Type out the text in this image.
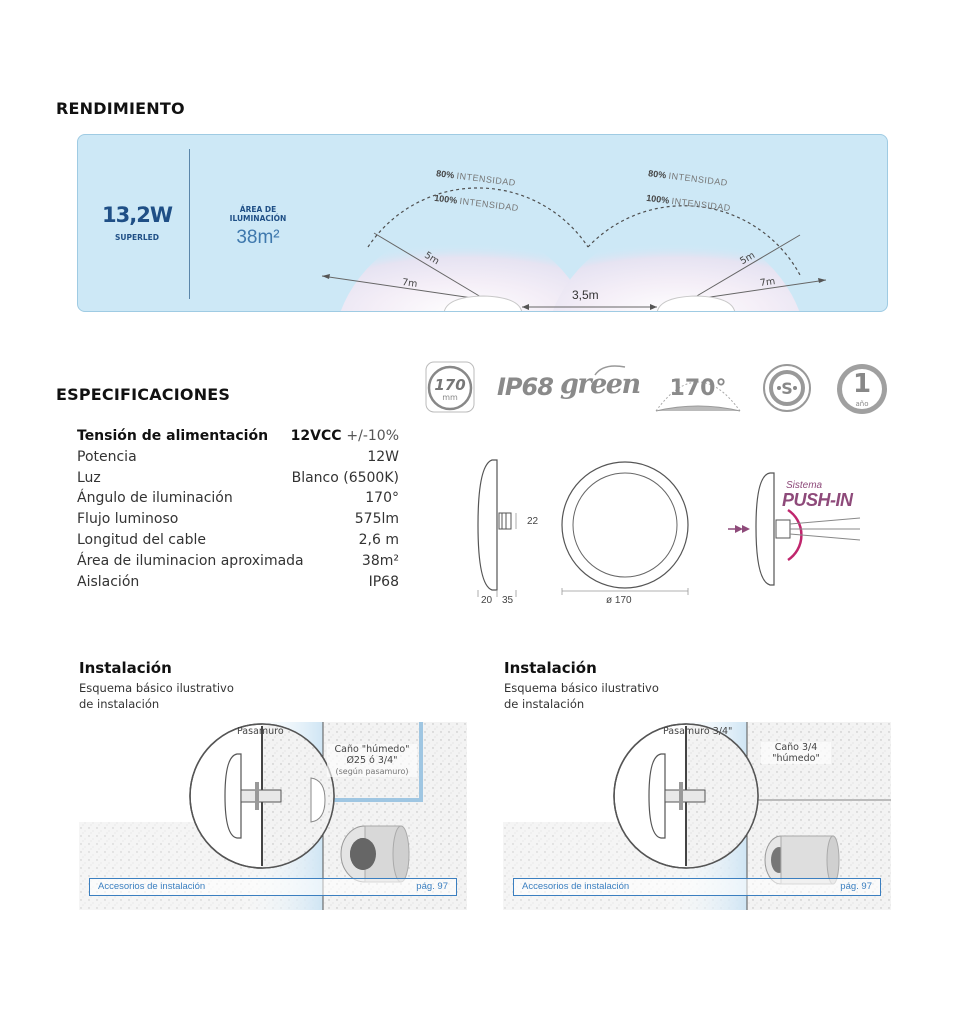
RENDIMIENTO
13,2W
SUPERLED
ÁREA DE
ILUMINACIÓN
38m²
80% INTENSIDAD
100% INTENSIDAD
80% INTENSIDAD
100% INTENSIDAD
5m
7m
5m
7m
3,5m
ESPECIFICACIONES	170
mm	IP68 green	170°	S	1
año
Tensión de alimentación 12VCC +/-10%
Potencia	12W
Luz	Blanco (6500K)
Ángulo de iluminación	170°
Flujo luminoso	575lm
Longitud del cable	2,6 m
Área de iluminacion aproximada	38m²
Aislación	IP68
22
20 35	ø 170
Sistema
PUSH-IN
Instalación
Esquema básico ilustrativo
de instalación
Pasamuro
Caño "húmedo"
Ø25 ó 3/4"
(según pasamuro)
Accesorios de instalación	pág. 97
Instalación
Esquema básico ilustrativo
de instalación
Pasamuro 3/4"
Caño 3/4
"húmedo"
Accesorios de instalación	pág. 97
